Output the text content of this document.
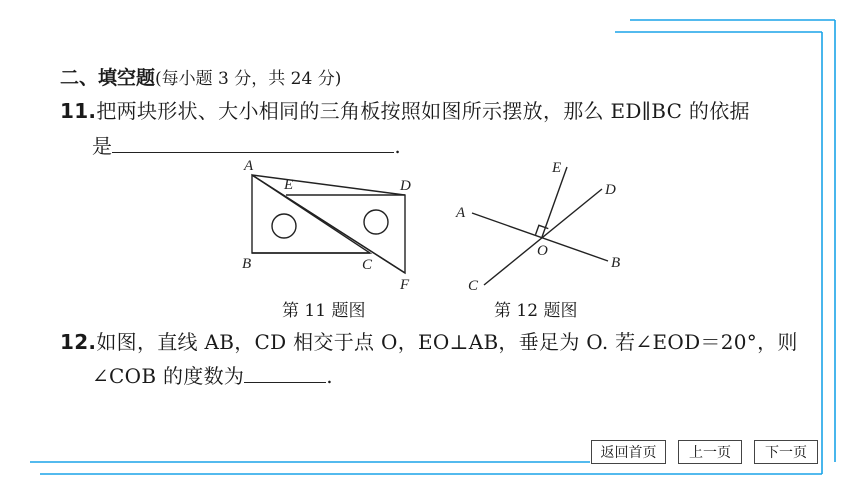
二、填空题(每小题 3 分，共 24 分)
11.把两块形状、大小相同的三角板按照如图所示摆放，那么 ED∥BC 的依据
是	.
A
E	D
B	C
F
第 11 题图
A
E
D
O
B
C
第 12 题图
12.如图，直线 AB，CD 相交于点 O，EO⊥AB，垂足为 O. 若∠EOD＝20°，则
∠COB 的度数为	.
返回首页	上一页	下一页
